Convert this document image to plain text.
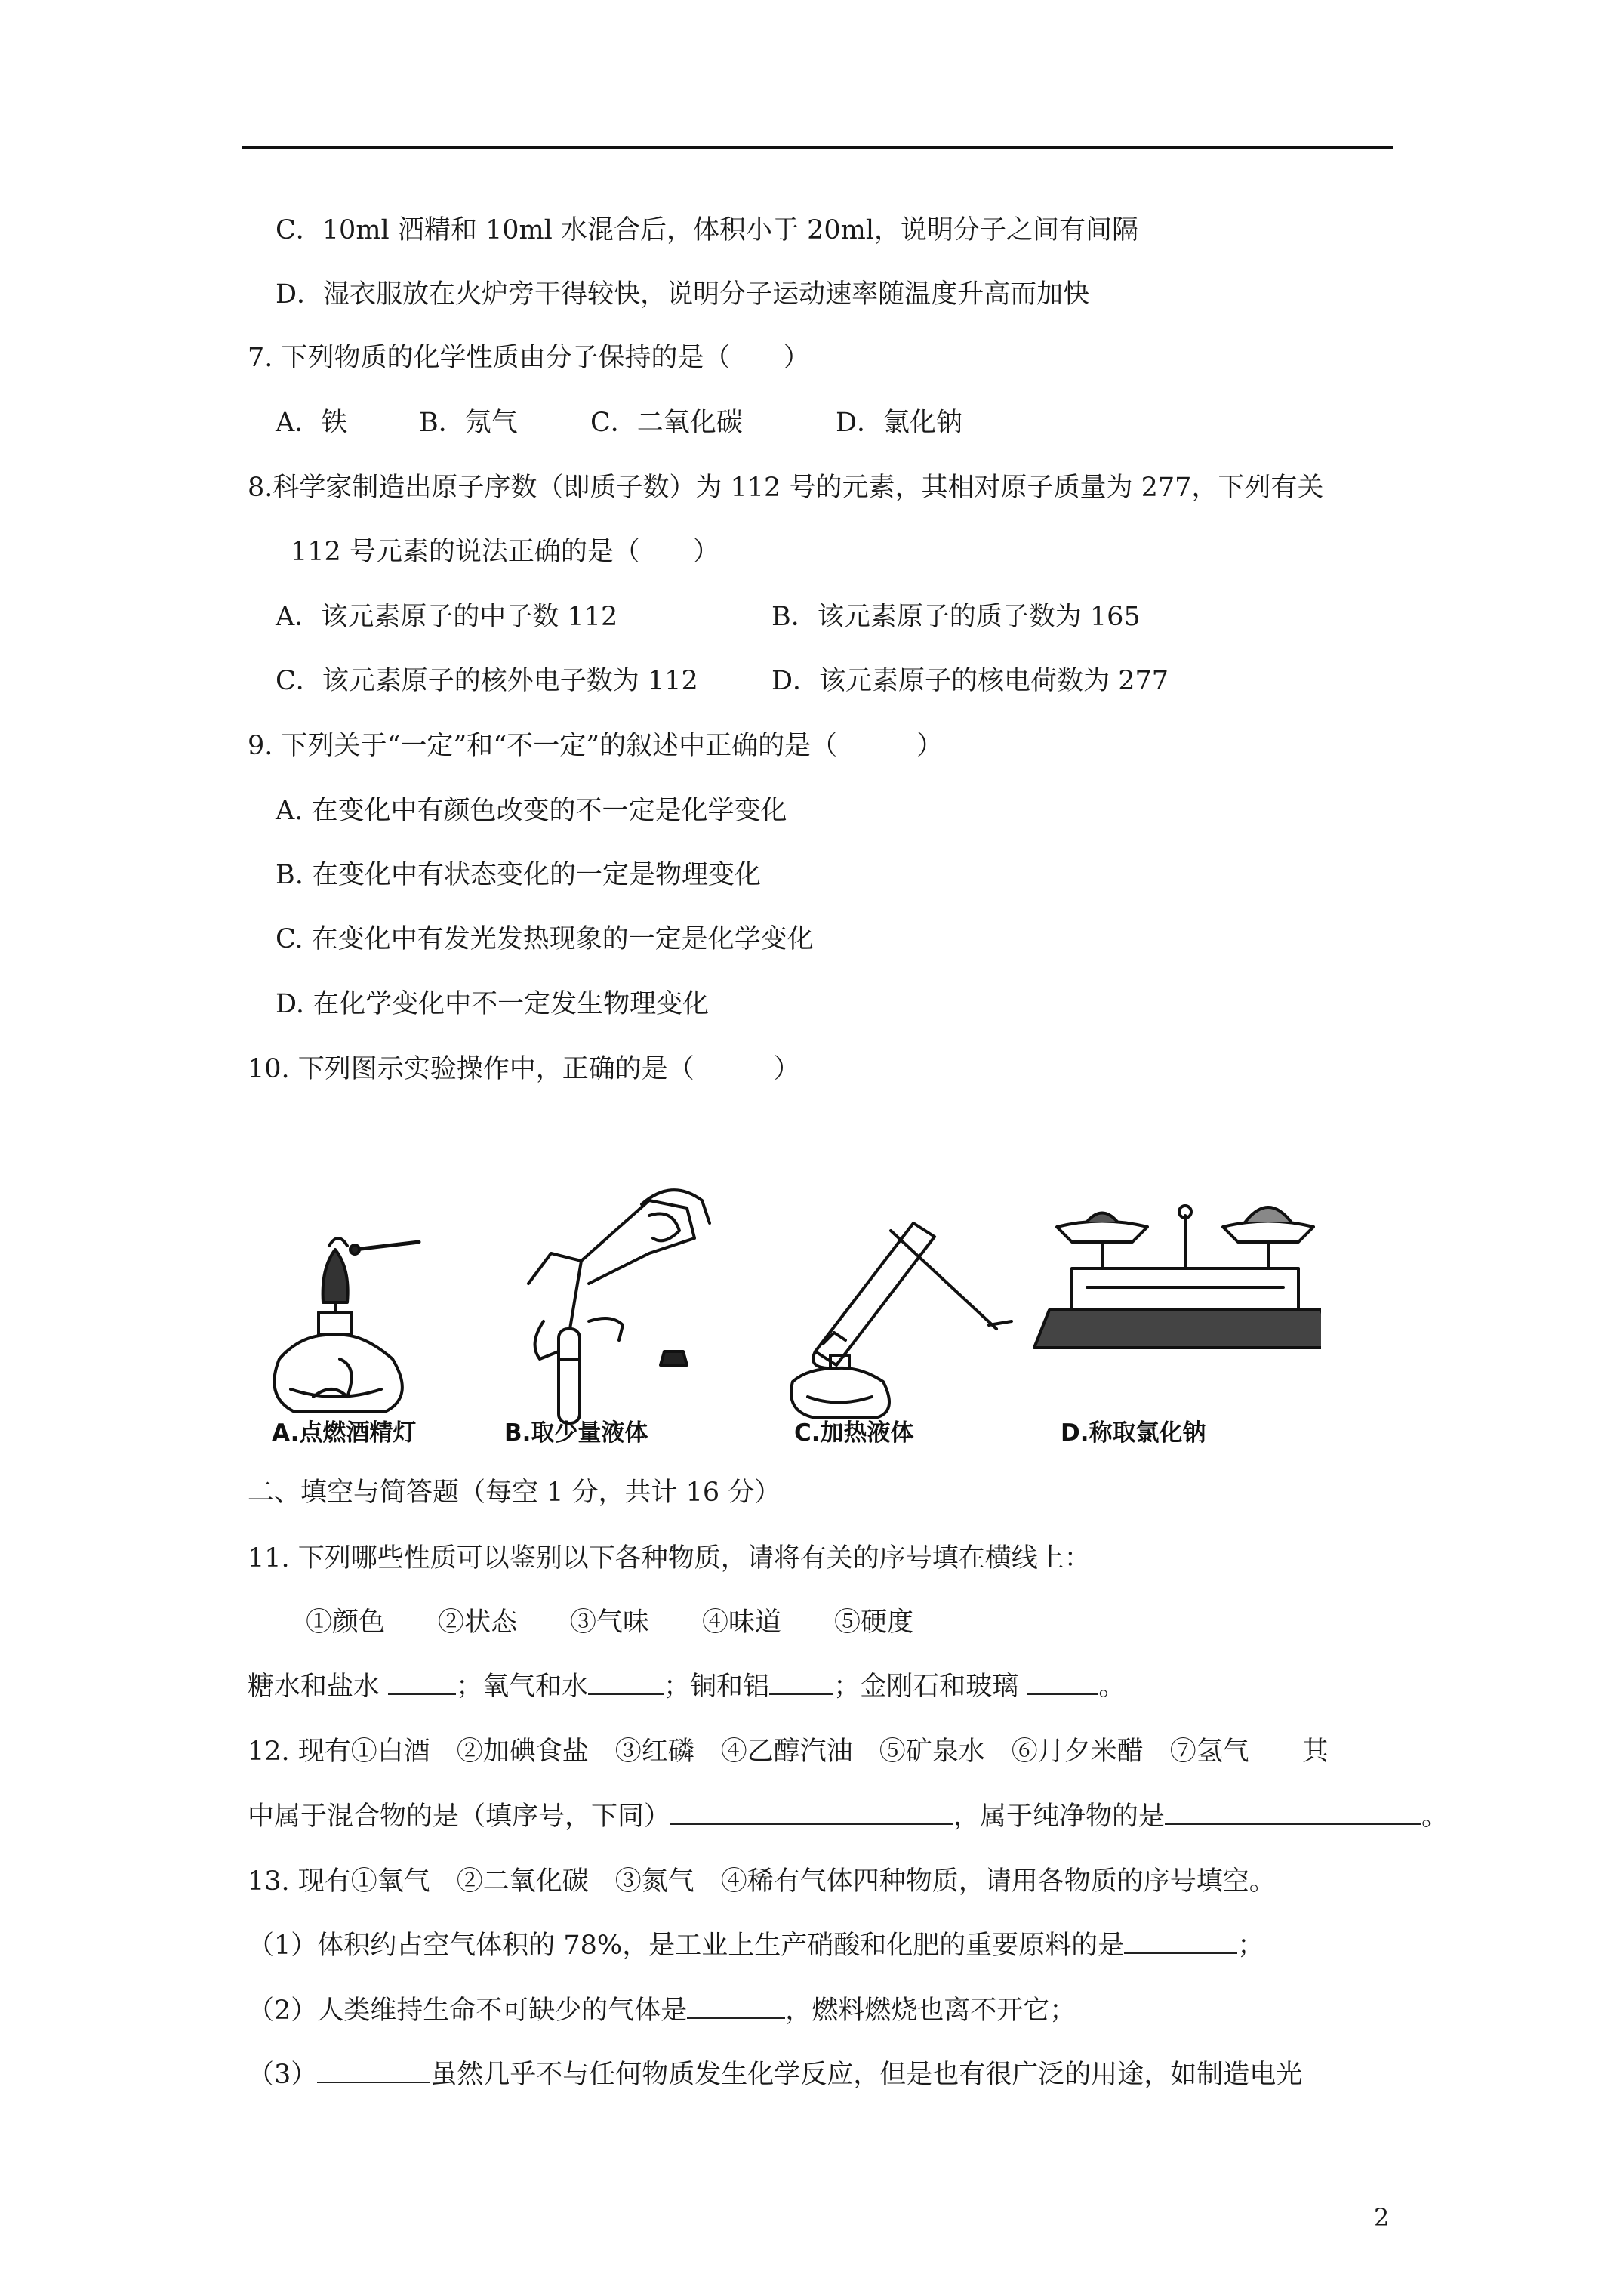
C．10ml 酒精和 10ml 水混合后，体积小于 20ml，说明分子之间有间隔
D．湿衣服放在火炉旁干得较快，说明分子运动速率随温度升高而加快
7. 下列物质的化学性质由分子保持的是（　　）
A．铁	B．氖气	C．二氧化碳	D．氯化钠
8.科学家制造出原子序数（即质子数）为 112 号的元素，其相对原子质量为 277，下列有关
112 号元素的说法正确的是（　　）
A．该元素原子的中子数 112	B．该元素原子的质子数为 165
C．该元素原子的核外电子数为 112	D．该元素原子的核电荷数为 277
9. 下列关于“一定”和“不一定”的叙述中正确的是（　　　）
A. 在变化中有颜色改变的不一定是化学变化
B. 在变化中有状态变化的一定是物理变化
C. 在变化中有发光发热现象的一定是化学变化
D. 在化学变化中不一定发生物理变化
10. 下列图示实验操作中，正确的是（　　　）
A.点燃酒精灯	B.取少量液体	C.加热液体	D.称取氯化钠
二、填空与简答题（每空 1 分，共计 16 分）
11. 下列哪些性质可以鉴别以下各种物质，请将有关的序号填在横线上：
①颜色　　②状态　　③气味　　④味道　　⑤硬度
糖水和盐水	；氧气和水	；铜和铝 ；金刚石和玻璃	。
12. 现有①白酒　②加碘食盐　③红磷　④乙醇汽油　⑤矿泉水　⑥月夕米醋　⑦氢气　　其
中属于混合物的是（填序号，下同）	，属于纯净物的是	。
13. 现有①氧气　②二氧化碳　③氮气　④稀有气体四种物质，请用各物质的序号填空。
（1）体积约占空气体积的 78%，是工业上生产硝酸和化肥的重要原料的是	；
（2）人类维持生命不可缺少的气体是	，燃料燃烧也离不开它；
（3）	虽然几乎不与任何物质发生化学反应，但是也有很广泛的用途，如制造电光
2
